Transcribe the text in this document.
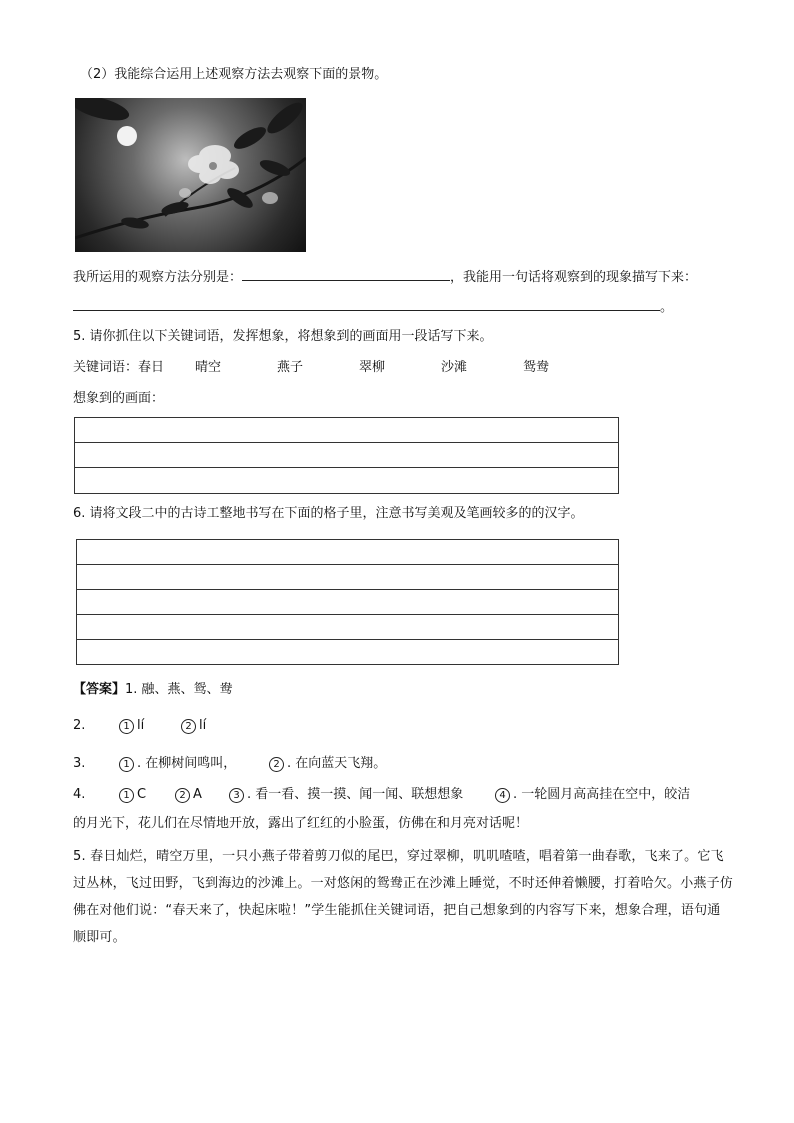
（2）我能综合运用上述观察方法去观察下面的景物。
我所运用的观察方法分别是：	，我能用一句话将观察到的现象描写下来：
。
5. 请你抓住以下关键词语，发挥想象，将想象到的画面用一段话写下来。
关键词语：春日 晴空	燕子	翠柳	沙滩	鸳鸯
想象到的画面：
6. 请将文段二中的古诗工整地书写在下面的格子里，注意书写美观及笔画较多的的汉字。
【答案】1. 融、燕、鸳、鸯
2.	1 lí	2 lí
3.	1 . 在柳树间鸣叫，	2 . 在向蓝天飞翔。
4.	1 C	2 A	3 . 看一看、摸一摸、闻一闻、联想想象	4 . 一轮圆月高高挂在空中，皎洁
的月光下，花儿们在尽情地开放，露出了红红的小脸蛋，仿佛在和月亮对话呢！
5. 春日灿烂，晴空万里，一只小燕子带着剪刀似的尾巴，穿过翠柳，叽叽喳喳，唱着第一曲春歌，飞来了。它飞过丛林，飞过田野，飞到海边的沙滩上。一对悠闲的鸳鸯正在沙滩上睡觉，不时还伸着懒腰，打着哈欠。小燕子仿佛在对他们说：“春天来了，快起床啦！”学生能抓住关键词语，把自己想象到的内容写下来，想象合理，语句通顺即可。
